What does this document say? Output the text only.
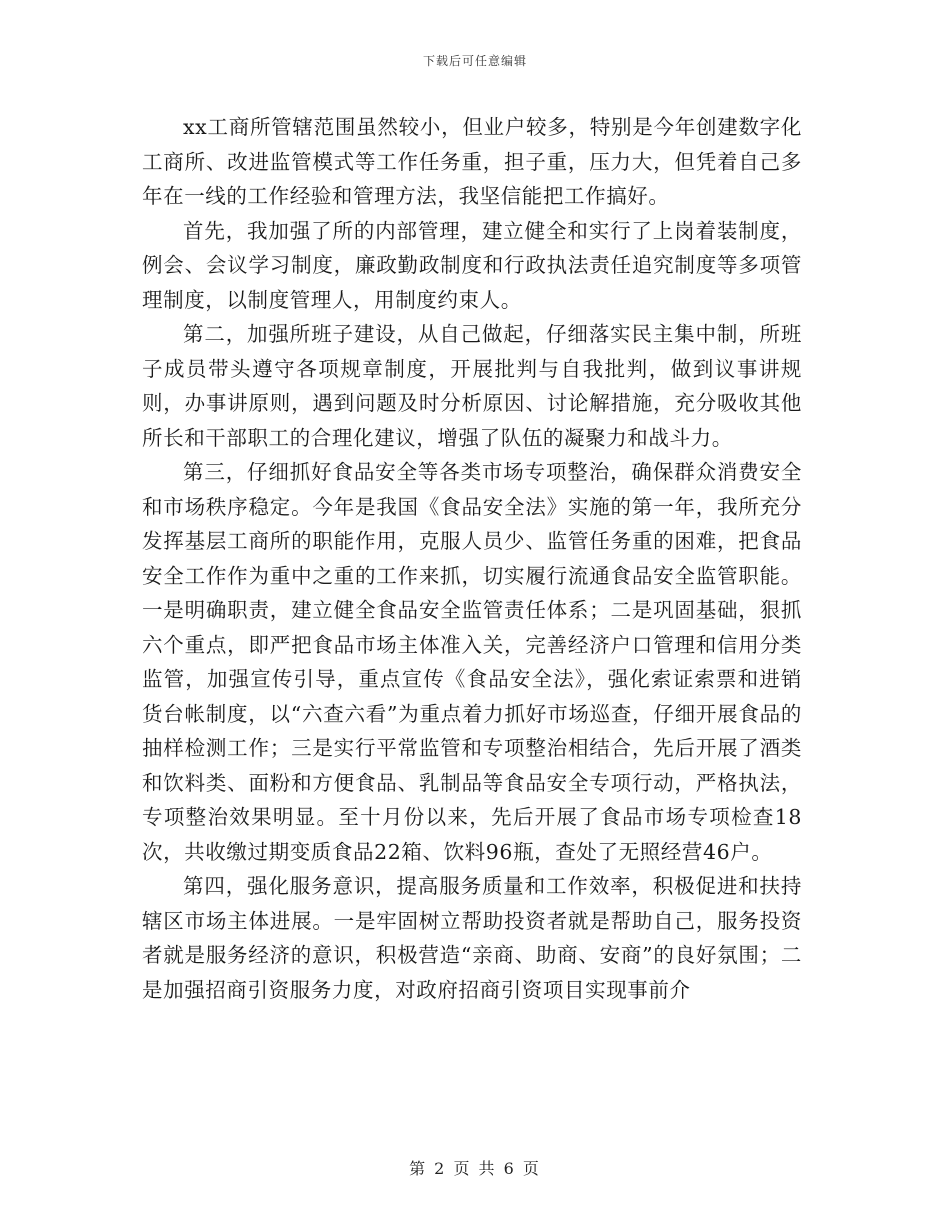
下载后可任意编辑

xx工商所管辖范围虽然较小，但业户较多，特别是今年创建数字化工商所、改进监管模式等工作任务重，担子重，压力大，但凭着自己多年在一线的工作经验和管理方法，我坚信能把工作搞好。

首先，我加强了所的内部管理，建立健全和实行了上岗着装制度，例会、会议学习制度，廉政勤政制度和行政执法责任追究制度等多项管理制度，以制度管理人，用制度约束人。

第二，加强所班子建设，从自己做起，仔细落实民主集中制，所班子成员带头遵守各项规章制度，开展批判与自我批判，做到议事讲规则，办事讲原则，遇到问题及时分析原因、讨论解措施，充分吸收其他所长和干部职工的合理化建议，增强了队伍的凝聚力和战斗力。

第三，仔细抓好食品安全等各类市场专项整治，确保群众消费安全和市场秩序稳定。今年是我国《食品安全法》实施的第一年，我所充分发挥基层工商所的职能作用，克服人员少、监管任务重的困难，把食品安全工作作为重中之重的工作来抓，切实履行流通食品安全监管职能。一是明确职责，建立健全食品安全监管责任体系；二是巩固基础，狠抓六个重点，即严把食品市场主体准入关，完善经济户口管理和信用分类监管，加强宣传引导，重点宣传《食品安全法》，强化索证索票和进销货台帐制度，以“六查六看”为重点着力抓好市场巡查，仔细开展食品的抽样检测工作；三是实行平常监管和专项整治相结合，先后开展了酒类和饮料类、面粉和方便食品、乳制品等食品安全专项行动，严格执法，专项整治效果明显。至十月份以来，先后开展了食品市场专项检查18次，共收缴过期变质食品22箱、饮料96瓶，查处了无照经营46户。

第四，强化服务意识，提高服务质量和工作效率，积极促进和扶持辖区市场主体进展。一是牢固树立帮助投资者就是帮助自己，服务投资者就是服务经济的意识，积极营造“亲商、助商、安商”的良好氛围；二是加强招商引资服务力度，对政府招商引资项目实现事前介

第 2 页 共 6 页
